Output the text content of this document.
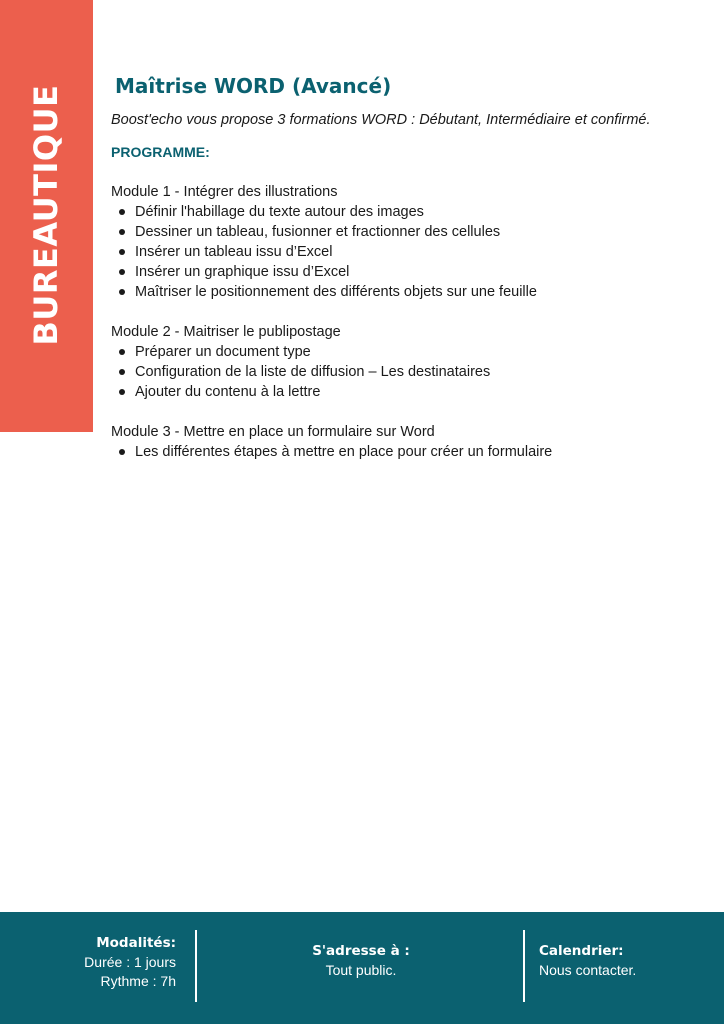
BUREAUTIQUE	Maîtrise WORD (Avancé)

Boost'echo vous propose 3 formations WORD : Débutant, Intermédiaire et confirmé.

PROGRAMME:
Module 1 - Intégrer des illustrations
Définir l'habillage du texte autour des images
Dessiner un tableau, fusionner et fractionner des cellules
Insérer un tableau issu d’Excel
Insérer un graphique issu d’Excel
Maîtriser le positionnement des différents objets sur une feuille
Module 2 - Maitriser le publipostage
Préparer un document type
Configuration de la liste de diffusion – Les destinataires
Ajouter du contenu à la lettre
Module 3 - Mettre en place un formulaire sur Word
Les différentes étapes à mettre en place pour créer un formulaire
Modalités:
Durée : 1 jours
Rythme : 7h
S'adresse à :
Tout public.
Calendrier:
Nous contacter.
